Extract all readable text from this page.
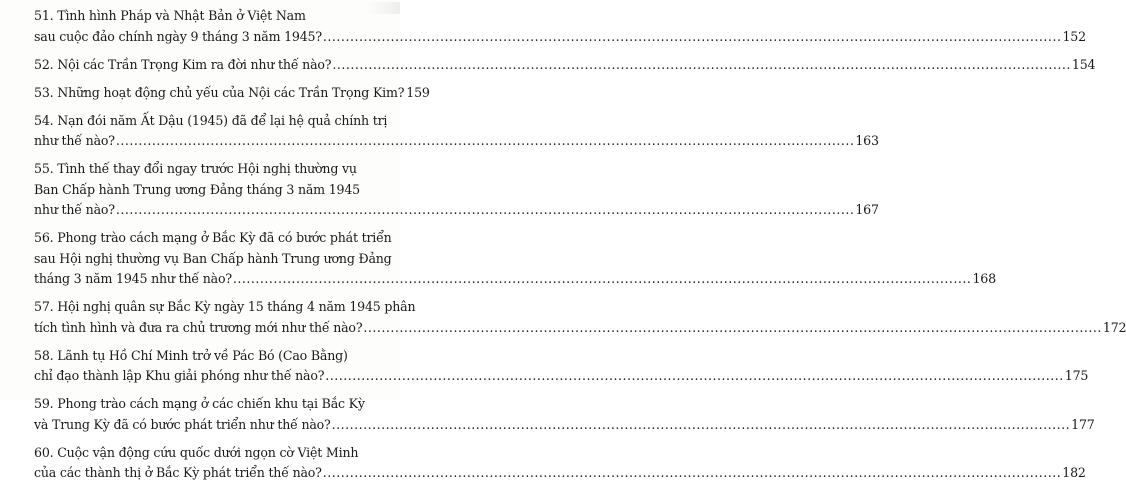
51. Tình hình Pháp và Nhật Bản ở Việt Nam
sau cuộc đảo chính ngày 9 tháng 3 năm 1945? .....	152
52. Nội các Trần Trọng Kim ra đời như thế nào? .....	154
53. Những hoạt động chủ yếu của Nội các Trần Trọng Kim? 159
54. Nạn đói năm Ất Dậu (1945) đã để lại hệ quả chính trị
như thế nào? .....	163
55. Tình thế thay đổi ngay trước Hội nghị thường vụ
Ban Chấp hành Trung ương Đảng tháng 3 năm 1945
như thế nào? .....	167
56. Phong trào cách mạng ở Bắc Kỳ đã có bước phát triển
sau Hội nghị thường vụ Ban Chấp hành Trung ương Đảng
tháng 3 năm 1945 như thế nào? .....	168
57. Hội nghị quân sự Bắc Kỳ ngày 15 tháng 4 năm 1945 phân
tích tình hình và đưa ra chủ trương mới như thế nào? .....	172
58. Lãnh tụ Hồ Chí Minh trở về Pác Bó (Cao Bằng)
chỉ đạo thành lập Khu giải phóng như thế nào? .....	175
59. Phong trào cách mạng ở các chiến khu tại Bắc Kỳ
và Trung Kỳ đã có bước phát triển như thế nào? .....	177
60. Cuộc vận động cứu quốc dưới ngọn cờ Việt Minh
của các thành thị ở Bắc Kỳ phát triển thế nào? .....	182
